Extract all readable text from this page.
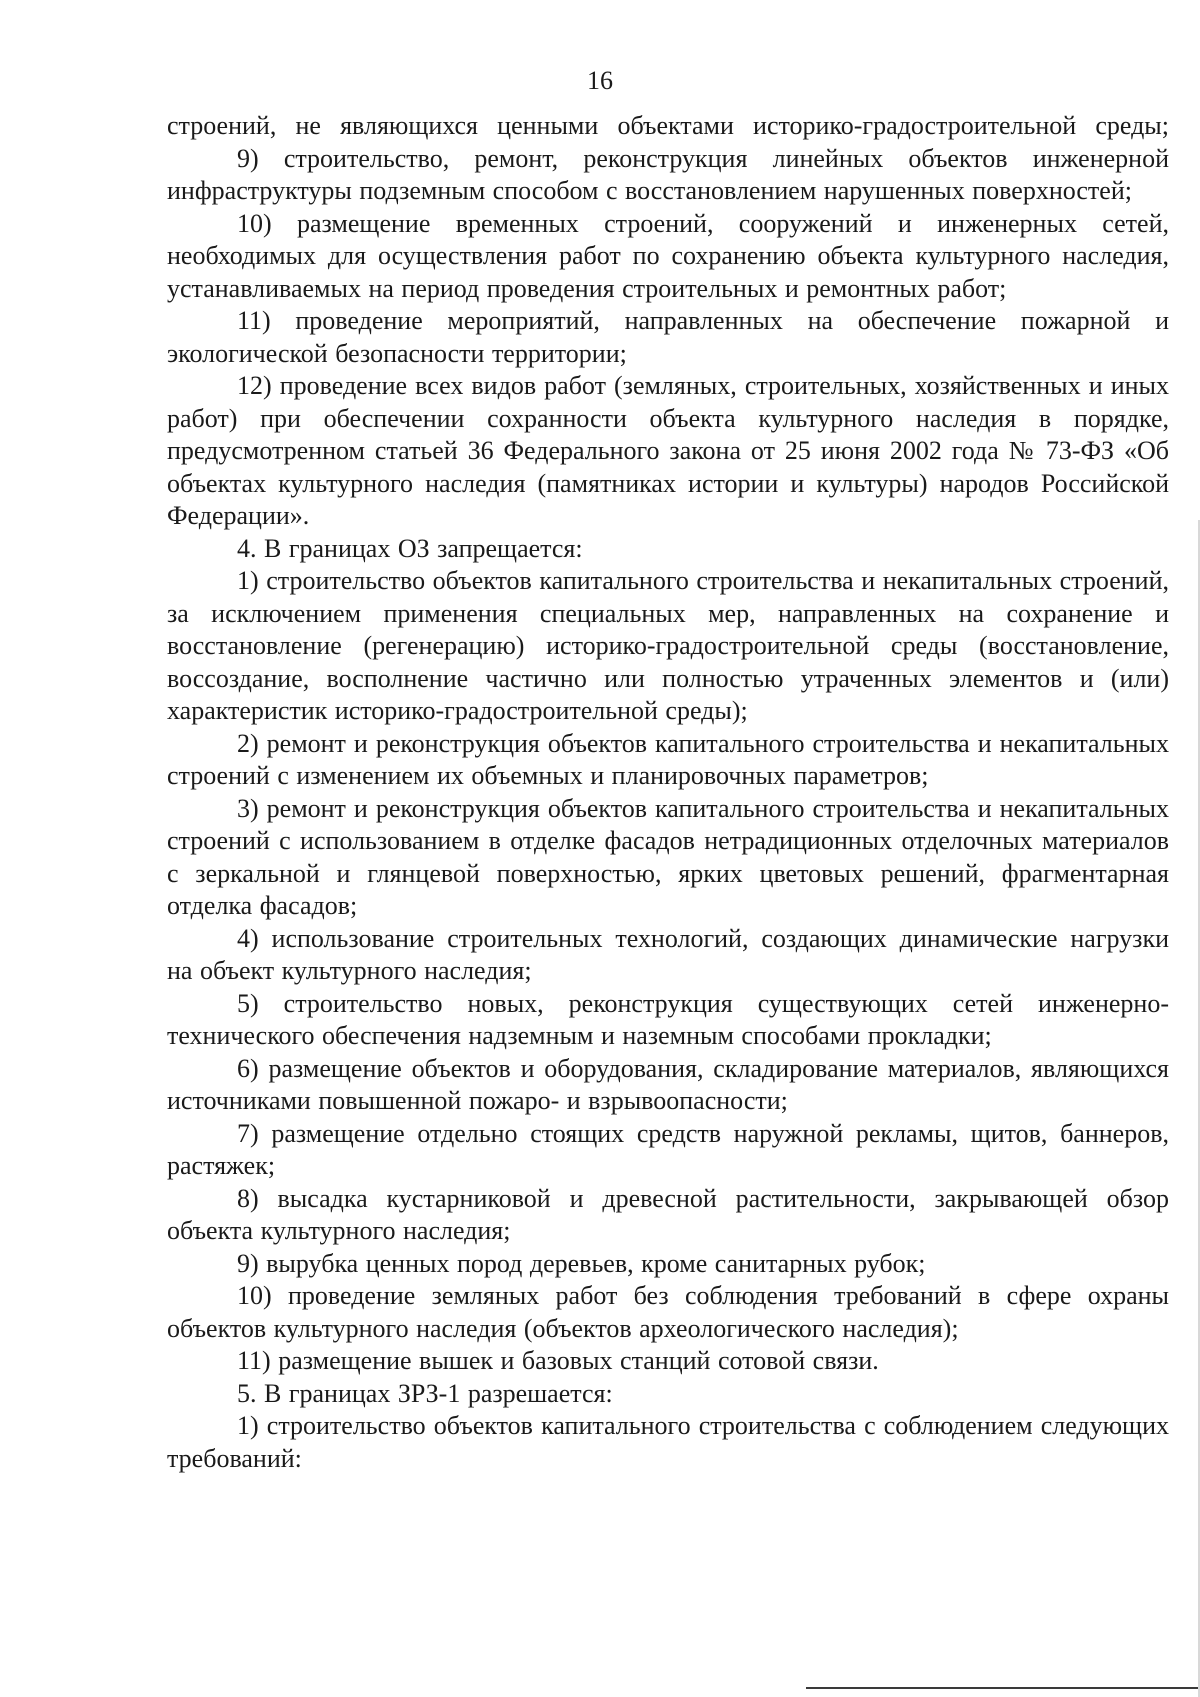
16

строений, не являющихся ценными объектами историко-градостроительной среды;

9) строительство, ремонт, реконструкция линейных объектов инженерной инфраструктуры подземным способом с восстановлением нарушенных поверхностей;

10) размещение временных строений, сооружений и инженерных сетей, необходимых для осуществления работ по сохранению объекта культурного наследия, устанавливаемых на период проведения строительных и ремонтных работ;

11) проведение мероприятий, направленных на обеспечение пожарной и экологической безопасности территории;

12) проведение всех видов работ (земляных, строительных, хозяйственных и иных работ) при обеспечении сохранности объекта культурного наследия в порядке, предусмотренном статьей 36 Федерального закона от 25 июня 2002 года № 73-ФЗ «Об объектах культурного наследия (памятниках истории и культуры) народов Российской Федерации».

4. В границах ОЗ запрещается:

1) строительство объектов капитального строительства и некапитальных строений, за исключением применения специальных мер, направленных на сохранение и восстановление (регенерацию) историко-градостроительной среды (восстановление, воссоздание, восполнение частично или полностью утраченных элементов и (или) характеристик историко-градостроительной среды);

2) ремонт и реконструкция объектов капитального строительства и некапитальных строений с изменением их объемных и планировочных параметров;

3) ремонт и реконструкция объектов капитального строительства и некапитальных строений с использованием в отделке фасадов нетрадиционных отделочных материалов с зеркальной и глянцевой поверхностью, ярких цветовых решений, фрагментарная отделка фасадов;

4) использование строительных технологий, создающих динамические нагрузки на объект культурного наследия;

5) строительство новых, реконструкция существующих сетей инженерно-технического обеспечения надземным и наземным способами прокладки;

6) размещение объектов и оборудования, складирование материалов, являющихся источниками повышенной пожаро- и взрывоопасности;

7) размещение отдельно стоящих средств наружной рекламы, щитов, баннеров, растяжек;

8) высадка кустарниковой и древесной растительности, закрывающей обзор объекта культурного наследия;

9) вырубка ценных пород деревьев, кроме санитарных рубок;

10) проведение земляных работ без соблюдения требований в сфере охраны объектов культурного наследия (объектов археологического наследия);

11) размещение вышек и базовых станций сотовой связи.

5. В границах ЗРЗ-1 разрешается:

1) строительство объектов капитального строительства с соблюдением следующих требований:
